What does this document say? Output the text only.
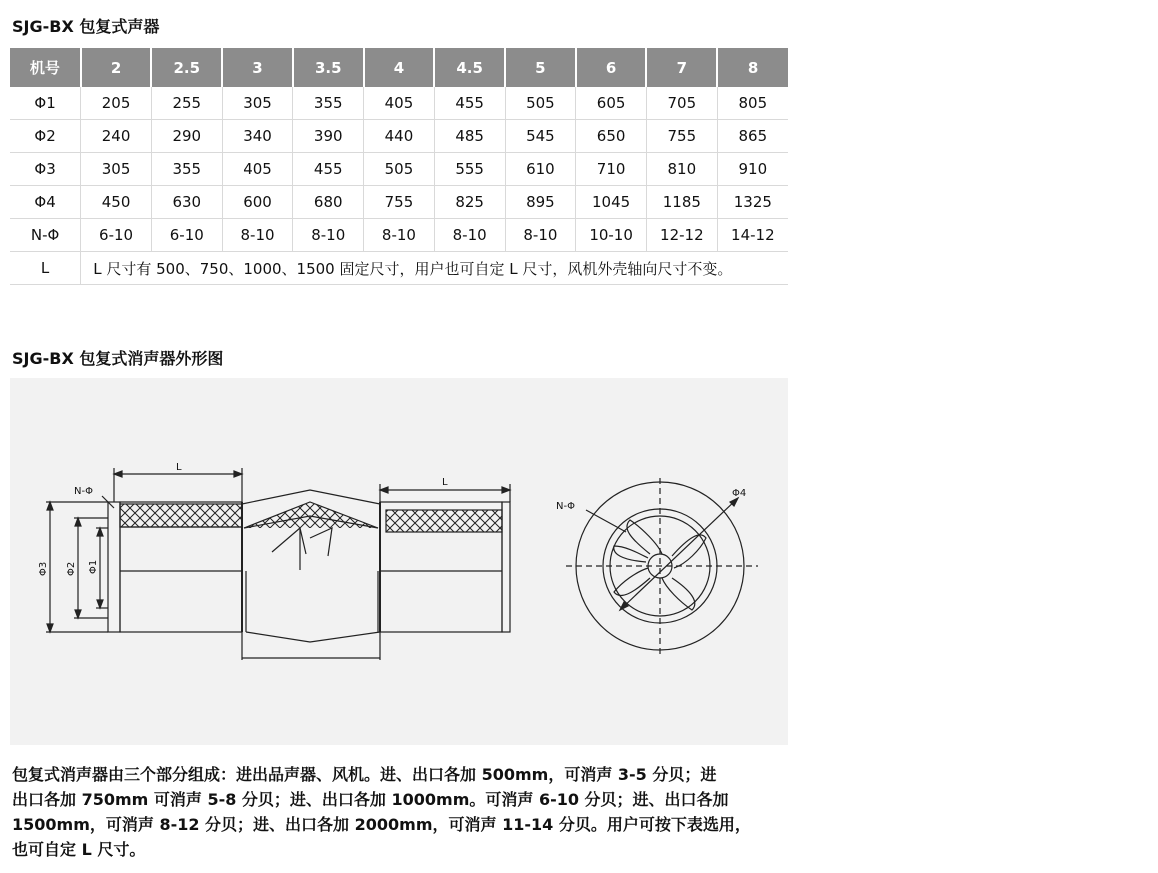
SJG-BX 包复式声器
机号	2	2.5	3	3.5	4	4.5	5	6	7	8
Φ1	205	255	305	355	405	455	505	605	705	805
Φ2	240	290	340	390	440	485	545	650	755	865
Φ3	305	355	405	455	505	555	610	710	810	910
Φ4	450	630	600	680	755	825	895	1045	1185	1325
N-Φ	6-10	6-10	8-10	8-10	8-10	8-10	8-10	10-10	12-12	14-12
L	L 尺寸有 500、750、1000、1500 固定尺寸，用户也可自定 L 尺寸，风机外壳轴向尺寸不变。									
SJG-BX 包复式消声器外形图
L
L
N-Φ
Φ3 Φ2 Φ1
N-Φ
Φ4
包复式消声器由三个部分组成：进出品声器、风机。进、出口各加 500mm，可消声 3-5 分贝；进
出口各加 750mm 可消声 5-8 分贝；进、出口各加 1000mm。可消声 6-10 分贝；进、出口各加
1500mm，可消声 8-12 分贝；进、出口各加 2000mm，可消声 11-14 分贝。用户可按下表选用，
也可自定 L 尺寸。
